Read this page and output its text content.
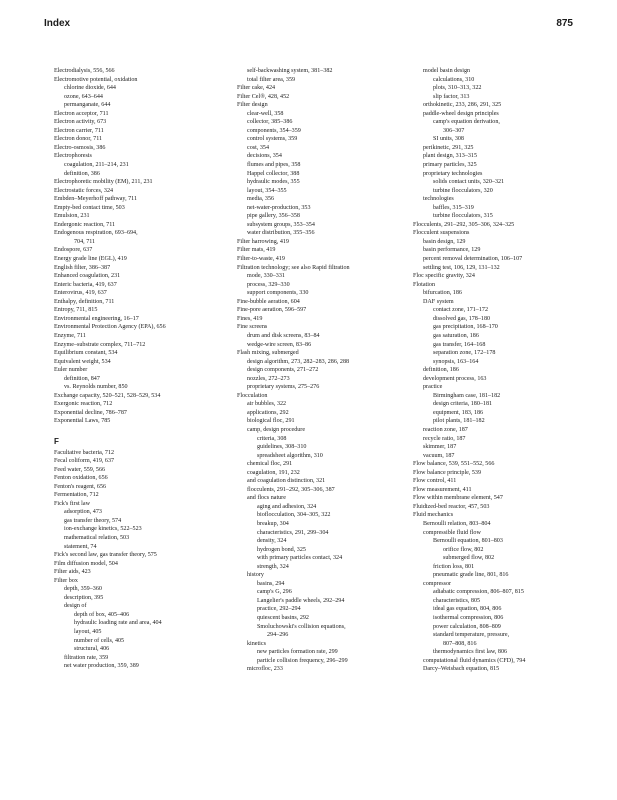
Index	875
Electrodialysis, 556, 566
Electromotive potential, oxidation
chlorine dioxide, 644
ozone, 643–644
permanganate, 644
Electron acceptor, 711
Electron activity, 673
Electron carrier, 711
Electron donor, 711
Electro-osmosis, 386
Electrophoresis
coagulation, 211–214, 231
definition, 386
Electrophoretic mobility (EM), 211, 231
Electrostatic forces, 324
Embden–Meyerhoff pathway, 711
Empty-bed contact time, 503
Emulsion, 231
Endergonic reaction, 711
Endogenous respiration, 693–694,
704, 711
Endospore, 637
Energy grade line (EGL), 419
English filter, 386–387
Enhanced coagulation, 231
Enteric bacteria, 419, 637
Enterovirus, 419, 637
Enthalpy, definition, 711
Entropy, 711, 815
Environmental engineering, 16–17
Environmental Protection Agency (EPA), 656
Enzyme, 711
Enzyme–substrate complex, 711–712
Equilibrium constant, 534
Equivalent weight, 534
Euler number
definition, 847
vs. Reynolds number, 850
Exchange capacity, 520–521, 528–529, 534
Exergonic reaction, 712
Exponential decline, 786–787
Exponential Laws, 785
F
Facultative bacteria, 712
Fecal coliform, 419, 637
Feed water, 559, 566
Fenton oxidation, 656
Fenton's reagent, 656
Fermentation, 712
Fick's first law
adsorption, 473
gas transfer theory, 574
ion-exchange kinetics, 522–523
mathematical relation, 503
statement, 74
Fick's second law, gas transfer theory, 575
Film diffusion model, 504
Filter aids, 423
Filter box
depth, 359–360
description, 395
design of
depth of box, 405–406
hydraulic loading rate and area, 404
layout, 405
number of cells, 405
structural, 406
filtration rate, 359
net water production, 359, 389
self-backwashing system, 381–382
total filter area, 359
Filter cake, 424
Filter Cel®, 428, 452
Filter design
clear-well, 358
collector, 385–386
components, 354–359
control systems, 359
cost, 354
decisions, 354
flumes and pipes, 358
Happel collector, 388
hydraulic modes, 355
layout, 354–355
media, 356
net-water-production, 353
pipe gallery, 356–358
subsystem groups, 353–354
water distribution, 355–356
Filter harrowing, 419
Filter mats, 419
Filter-to-waste, 419
Filtration technology; see also Rapid filtration
mode, 330–331
process, 329–330
support components, 330
Fine-bubble aeration, 604
Fine-pore aeration, 596–597
Fines, 419
Fine screens
drum and disk screens, 83–84
wedge-wire screen, 83–86
Flash mixing, submerged
design algorithm, 273, 282–283, 286, 288
design components, 271–272
nozzles, 272–273
proprietary systems, 275–276
Flocculation
air bubbles, 322
applications, 292
biological floc, 291
camp, design procedure
criteria, 308
guidelines, 308–310
spreadsheet algorithm, 310
chemical floc, 291
coagulation, 191, 232
and coagulation distinction, 321
flocculents, 291–292, 305–306, 387
and flocs nature
aging and adhesion, 324
bioflocculation, 304–305, 322
breakup, 304
characteristics, 291, 299–304
density, 324
hydrogen bond, 325
with primary particles contact, 324
strength, 324
history
basins, 294
camp's G, 296
Langelier's paddle wheels, 292–294
practice, 292–294
quiescent basins, 292
Smoluchowski's collision equations,
294–296
kinetics
new particles formation rate, 299
particle collision frequency, 296–299
microfloc, 233
model basin design
calculations, 310
plots, 310–313, 322
slip factor, 313
orthokinetic, 233, 286, 291, 325
paddle-wheel design principles
camp's equation derivation,
306–307
SI units, 308
perikinetic, 291, 325
plant design, 313–315
primary particles, 325
proprietary technologies
solids contact units, 320–321
turbine flocculators, 320
technologies
baffles, 315–319
turbine flocculators, 315
Flocculents, 291–292, 305–306, 324–325
Flocculent suspensions
basin design, 129
basin performance, 129
percent removal determination, 106–107
settling test, 106, 129, 131–132
Floc specific gravity, 324
Flotation
bifurcation, 186
DAF system
contact zone, 171–172
dissolved gas, 178–180
gas precipitation, 168–170
gas saturation, 186
gas transfer, 164–168
separation zone, 172–178
synopsis, 163–164
definition, 186
development process, 163
practice
Birmingham case, 181–182
design criteria, 180–181
equipment, 183, 186
pilot plants, 181–182
reaction zone, 187
recycle ratio, 187
skimmer, 187
vacuum, 187
Flow balance, 539, 551–552, 566
Flow balance principle, 539
Flow control, 411
Flow measurement, 411
Flow within membrane element, 547
Fluidized-bed reactor, 457, 503
Fluid mechanics
Bernoulli relation, 803–804
compressible fluid flow
Bernoulli equation, 801–803
orifice flow, 802
submerged flow, 802
friction loss, 801
pneumatic grade line, 801, 816
compressor
adiabatic compression, 806–807, 815
characteristics, 805
ideal gas equation, 804, 806
isothermal compression, 806
power calculation, 808–809
standard temperature, pressure,
807–808, 816
thermodynamics first law, 806
computational fluid dynamics (CFD), 794
Darcy–Weisbach equation, 815
